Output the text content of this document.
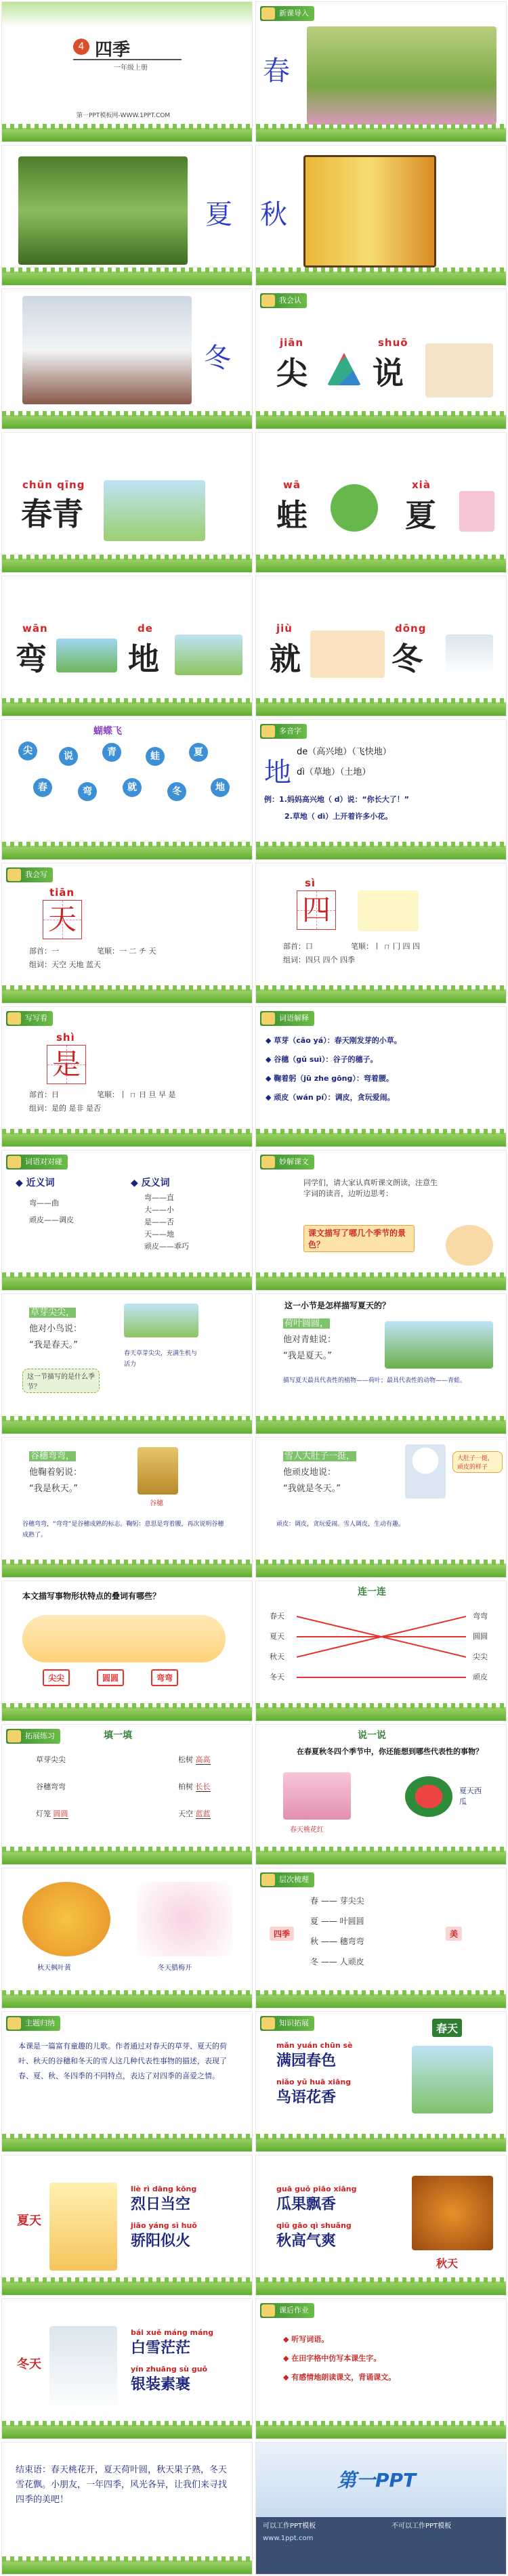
4 四季
一年级上册
第一PPT模板网-WWW.1PPT.COM
新课导入
春
夏 秋
冬
我会认
jiān
尖
shuō
说
chūn qīng
春青
wā
蛙
xià
夏
wān
弯
de
地
jiù
就
dōng
冬
蝴蝶飞
尖	说	青	蛙	夏
春	弯	就	冬	地
多音字
地
de（高兴地）（飞快地）
dì（草地）（土地）
例：1.妈妈高兴地（ d）说：“你长大了！”
2.草地（ dì）上开着许多小花。
我会写
tiān
天
部首：一	笔顺：一 二 チ 天
组词：天空 天地 蓝天
sì
四
部首：口	笔顺：丨 ㄇ 冂 四 四
组词：四只 四个 四季
写写看
shì
是
部首：日	笔顺：丨 ㄇ 日 旦 早 是
组词：是的 是非 是否
词语解释
◆ 草芽（cǎo yá）：春天刚发芽的小草。
◆ 谷穗（gǔ suì）：谷子的穗子。
◆ 鞠着躬（jū zhe gōng）：弯着腰。
◆ 顽皮（wán pí）：调皮，贪玩爱闹。
词语对对碰
◆ 近义词
弯——曲
顽皮——调皮
◆ 反义词
弯——直
大——小
是——否
天——地
顽皮——乖巧
妙解课文
同学们，请大家认真听课文朗读，注意生字词的读音，边听边思考：
课文描写了哪几个季节的景色？
草芽尖尖，
他对小鸟说：
“我是春天。”
春天草芽尖尖，充满生机与活力
这一节描写的是什么季节？
这一小节是怎样描写夏天的？
荷叶圆圆，
他对青蛙说：
“我是夏天。”
描写夏天最具代表性的植物——荷叶；最具代表性的动物——青蛙。
谷穗弯弯，
他鞠着躬说：
“我是秋天。”
谷穗
谷穗弯弯，“弯弯”是谷穗成熟的标志。鞠躬：意思是弯着腰，再次说明谷穗成熟了。
雪人大肚子一挺，
他顽皮地说：
“我就是冬天。”
大肚子一挺，顽皮的样子
顽皮：调皮，贪玩爱闹。雪人调皮，生动有趣。
本文描写事物形状特点的叠词有哪些？
尖尖	圆圆	弯弯
连一连
春天
夏天
秋天
冬天
弯弯
圆圆
尖尖
顽皮
拓展练习	填一填
草芽尖尖	松树 高高
谷穗弯弯	柏树 长长
灯笼 圆圆	天空 蓝蓝
说一说
在春夏秋冬四个季节中，你还能想到哪些代表性的事物？
春天桃花红
夏天西瓜
秋天枫叶黄	冬天腊梅开
层次梳理
四季
春 —— 芽尖尖
夏 —— 叶圆圆
秋 —— 穗弯弯
冬 —— 人顽皮
美
主题归纳
本课是一篇富有童趣的儿歌。作者通过对春天的草芽、夏天的荷叶、秋天的谷穗和冬天的雪人这几种代表性事物的描述，表现了春、夏、秋、冬四季的不同特点，表达了对四季的喜爱之情。
知识拓展
mǎn yuán chūn sè
满园春色
niǎo yǔ huā xiāng
鸟语花香
春天
夏天
liè rì dāng kōng
烈日当空
jiāo yáng sì huǒ
骄阳似火
guā guǒ piāo xiāng
瓜果飘香
qiū gāo qì shuǎng
秋高气爽
秋天
冬天
bái xuě máng máng
白雪茫茫
yín zhuāng sù guǒ
银装素裹
课后作业
◆ 听写词语。
◆ 在田字格中仿写本课生字。
◆ 有感情地朗读课文，背诵课文。
结束语：春天桃花开，夏天荷叶圆，秋天果子熟，冬天雪花飘。小朋友，一年四季，风光各异，让我们来寻找四季的美吧！
第一PPT
可以工作PPT模板
www.1ppt.com
不可以工作PPT模板
